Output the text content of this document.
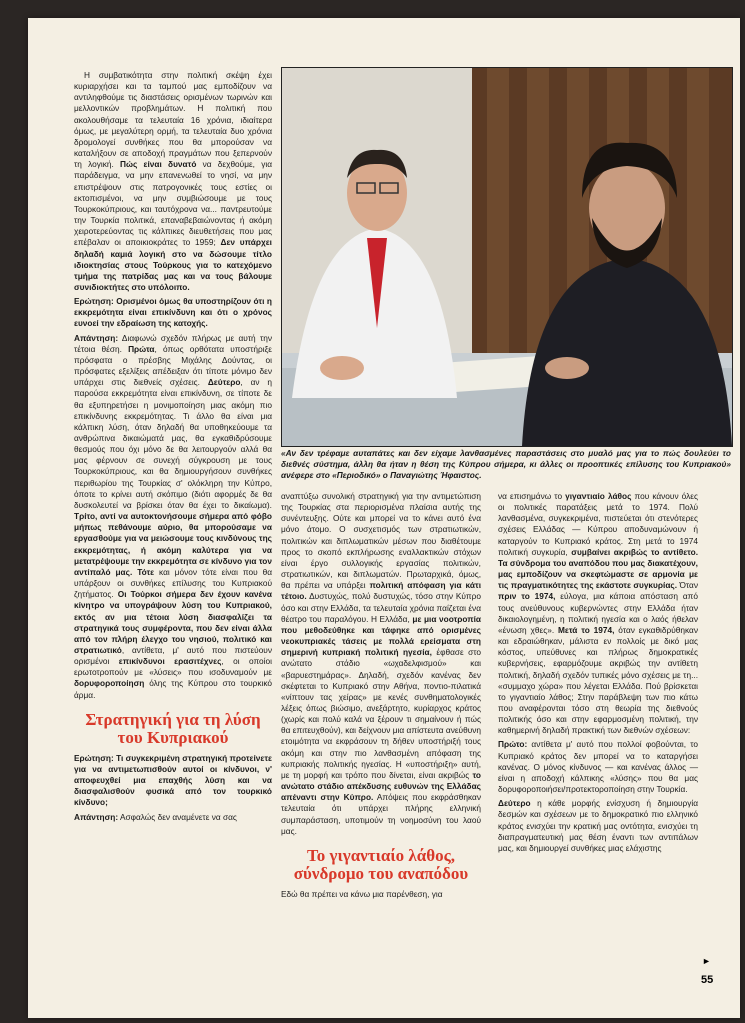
Η συμβατικότητα στην πολιτική σκέψη έχει κυριαρχήσει και τα ταμπού μας εμποδίζουν να αντιληφθούμε τις διαστάσεις ορισμένων τωρινών και μελλοντικών προβλημάτων. Η πολιτική που ακολουθήσαμε τα τελευταία 16 χρόνια, ιδιαίτερα όμως, με μεγαλύτερη ορμή, τα τελευταία δυο χρόνια δρομολογεί συνθήκες που θα μπορούσαν να καταλήξουν σε αποδοχή πραγμάτων που ξεπερνούν τη λογική. Πώς είναι δυνατό να δεχθούμε, για παράδειγμα, να μην επανενωθεί το νησί, να μην επιστρέψουν στις πατρογονικές τους εστίες οι εκτοπισμένοι, να μην συμβιώσουμε με τους Τουρκοκύπριους, και ταυτόχρονα να... παντρευτούμε την Τουρκία πολιτικά, επαναβεβαιώνοντας ή ακόμη χειροτερεύοντας τις κάλπικες διευθετήσεις που μας επέβαλαν οι αποικιοκράτες το 1959; Δεν υπάρχει δηλαδή καμιά λογική στο να δώσουμε τίτλο ιδιοκτησίας στους Τούρκους για το κατεχόμενο τμήμα της πατρίδας μας και να τους βάλουμε συνιδιοκτήτες στο υπόλοιπο.

Ερώτηση: Ορισμένοι όμως θα υποστηρίζουν ότι η εκκρεμότητα είναι επικίνδυνη και ότι ο χρόνος ευνοεί την εδραίωση της κατοχής.

Απάντηση: Διαφωνώ σχεδόν πλήρως με αυτή την τέτοια θέση. Πρώτα, όπως ορθότατα υποστήριξε πρόσφατα ο πρέσβης Μιχάλης Δούντας, οι πρόσφατες εξελίξεις απέδειξαν ότι τίποτε μόνιμο δεν υπάρχει στις διεθνείς σχέσεις. Δεύτερο, αν η παρούσα εκκρεμότητα είναι επικίνδυνη, σε τίποτε δε θα εξυπηρετήσει η μονιμοποίηση μιας ακόμη πιο επικίνδυνης εκκρεμότητας. Τι άλλο θα είναι μια κάλπικη λύση, όταν δηλαδή θα υποθηκεύουμε τα ανθρώπινα δικαιώματά μας, θα εγκαθιδρύσουμε θεσμούς που όχι μόνο δε θα λειτουργούν αλλά θα μας φέρνουν σε συνεχή σύγκρουση με τους Τουρκοκύπριους, και θα δημιουργήσουν συνθήκες περιθωρίου της Τουρκίας σ' ολόκληρη την Κύπρο, όποτε το κρίνει αυτή σκόπιμο (διότι αφορμές δε θα δυσκολευτεί να βρίσκει όταν θα έχει το δικαίωμα). Τρίτο, αντί να αυτοκτονήσουμε σήμερα από φόβο μήπως πεθάνουμε αύριο, θα μπορούσαμε να εργασθούμε για να μειώσουμε τους κινδύνους της εκκρεμότητας, ή ακόμη καλύτερα για να μετατρέψουμε την εκκρεμότητα σε κίνδυνο για τον αντίπαλό μας. Τότε και μόνον τότε είναι που θα υπάρξουν οι συνθήκες επίλυσης του Κυπριακού ζητήματος. Οι Τούρκοι σήμερα δεν έχουν κανένα κίνητρο να υπογράψουν λύση του Κυπριακού, εκτός αν μια τέτοια λύση διασφαλίζει τα στρατηγικά τους συμφέροντα, που δεν είναι άλλα από τον πλήρη έλεγχο του νησιού, πολιτικό και στρατιωτικό, αντίθετα, μ' αυτό που πιστεύουν ορισμένοι επικίνδυνοι ερασιτέχνες, οι οποίοι ερωτοτροπούν με «λύσεις» που ισοδυναμούν με δορυφοροποίηση όλης της Κύπρου στο τουρκικό άρμα.

Στρατηγική για τη λύση του Κυπριακού

Ερώτηση: Τι συγκεκριμένη στρατηγική προτείνετε για να αντιμετωπισθούν αυτοί οι κίνδυνοι, ν' αποφευχθεί μια επαχθής λύση και να διασφαλισθούν φυσικά από τον τουρκικό κίνδυνο;

Απάντηση: Ασφαλώς δεν αναμένετε να σας

«Αν δεν τρέφαμε αυταπάτες και δεν είχαμε λανθασμένες παραστάσεις στο μυαλό μας για το πώς δουλεύει το διεθνές σύστημα, άλλη θα ήταν η θέση της Κύπρου σήμερα, κι άλλες οι προοπτικές επίλυσης του Κυπριακού» ανέφερε στο «Περιοδικό» ο Παναγιώτης Ήφαιστος.

αναπτύξω συνολική στρατηγική για την αντιμετώπιση της Τουρκίας στα περιορισμένα πλαίσια αυτής της συνέντευξης. Ούτε και μπορεί να το κάνει αυτό ένα μόνο άτομο. Ο συσχετισμός των στρατιωτικών, πολιτικών και διπλωματικών μέσων που διαθέτουμε προς το σκοπό εκπλήρωσης εναλλακτικών στόχων είναι έργο συλλογικής εργασίας πολιτικών, στρατιωτικών, και διπλωματών. Πρωταρχικά, όμως, θα πρέπει να υπάρξει πολιτική απόφαση για κάτι τέτοιο. Δυστυχώς, πολύ δυστυχώς, τόσο στην Κύπρο όσο και στην Ελλάδα, τα τελευταία χρόνια παίζεται ένα θέατρο του παραλόγου. Η Ελλάδα, με μια νοοτροπία που μεθοδεύθηκε και τάφηκε από ορισμένες νεοκυπριακές τάσεις με πολλά ερείσματα στη σημερινή κυπριακή πολιτική ηγεσία, έφθασε στο ανώτατο στάδιο «ωχαδελφισμού» και «βαρυεστημάρας». Δηλαδή, σχεδόν κανένας δεν σκέφτεται το Κυπριακό στην Αθήνα, ποντιο-πιλατικά «νίπτουν τας χείρας» με κενές συνθηματολογικές λέξεις όπως βιώσιμο, ανεξάρτητο, κυρίαρχος κράτος (χωρίς και πολύ καλά να ξέρουν τι σημαίνουν ή πώς θα επιτευχθούν), και δείχνουν μια απίστευτα ανεύθυνη ετοιμότητα να εκφράσουν τη δήθεν υποστήριξή τους ακόμη και στην πιο λανθασμένη απόφαση της κυπριακής πολιτικής ηγεσίας. Η «υποστήριξη» αυτή, με τη μορφή και τρόπο που δίνεται, είναι ακριβώς το ανώτατο στάδιο απέκδυσης ευθυνών της Ελλάδας απέναντι στην Κύπρο. Απόψεις που εκφράσθηκαν τελευταία ότι υπάρχει πλήρης ελληνική συμπαράσταση, υποτιμούν τη νοημοσύνη του λαού μας.

Το γιγαντιαίο λάθος, σύνδρομο του αναπόδου

Εδώ θα πρέπει να κάνω μια παρένθεση, για

να επισημάνω το γιγαντιαίο λάθος που κάνουν όλες οι πολιτικές παρατάξεις μετά το 1974. Πολύ λανθασμένα, συγκεκριμένα, πιστεύεται ότι στενότερες σχέσεις Ελλάδας — Κύπρου αποδυναμώνουν ή καταργούν το Κυπριακό κράτος. Στη μετά το 1974 πολιτική συγκυρία, συμβαίνει ακριβώς το αντίθετο. Τα σύνδρομα του αναπόδου που μας διακατέχουν, μας εμποδίζουν να σκεφτώμαστε σε αρμονία με τις πραγματικότητες της εκάστοτε συγκυρίας. Όταν πριν το 1974, εύλογα, μια κάποια απόσταση από τους ανεύθυνους κυβερνώντες στην Ελλάδα ήταν δικαιολογημένη, η πολιτική ηγεσία και ο λαός ήθελαν «ένωση χθες». Μετά το 1974, όταν εγκαθιδρύθηκαν και εδραιώθηκαν, μάλιστα εν πολλοίς με δικό μας κόστος, υπεύθυνες και πλήρως δημοκρατικές κυβερνήσεις, εφαρμόζουμε ακριβώς την αντίθετη πολιτική, δηλαδή σχεδόν τυπικές μόνο σχέσεις με τη... «συμμαχο χώρα» που λέγεται Ελλάδα. Πού βρίσκεται το γιγαντιαίο λάθος; Στην παράβλεψη των πιο κάτω που αναφέρονται τόσο στη θεωρία της διεθνούς πολιτικής όσο και στην εφαρμοσμένη πολιτική, την καθημερινή δηλαδή πρακτική των διεθνών σχέσεων:

Πρώτο: αντίθετα μ' αυτό που πολλοί φοβούνται, το Κυπριακό κράτος δεν μπορεί να το καταργήσει κανένας. Ο μόνος κίνδυνος — και κανένας άλλος — είναι η αποδοχή κάλπικης «λύσης» που θα μας δορυφοροποιήσει/προτεκτοροποίηση στην Τουρκία.

Δεύτερο η κάθε μορφής ενίσχυση ή δημιουργία δεσμών και σχέσεων με το δημοκρατικό πιο ελληνικό κράτος ενισχύει την κρατική μας οντότητα, ενισχύει τη διαπραγματευτική μας θέση έναντι των αντιπάλων μας, και δημιουργεί συνθήκες μιας ελάχιστης

►
55
